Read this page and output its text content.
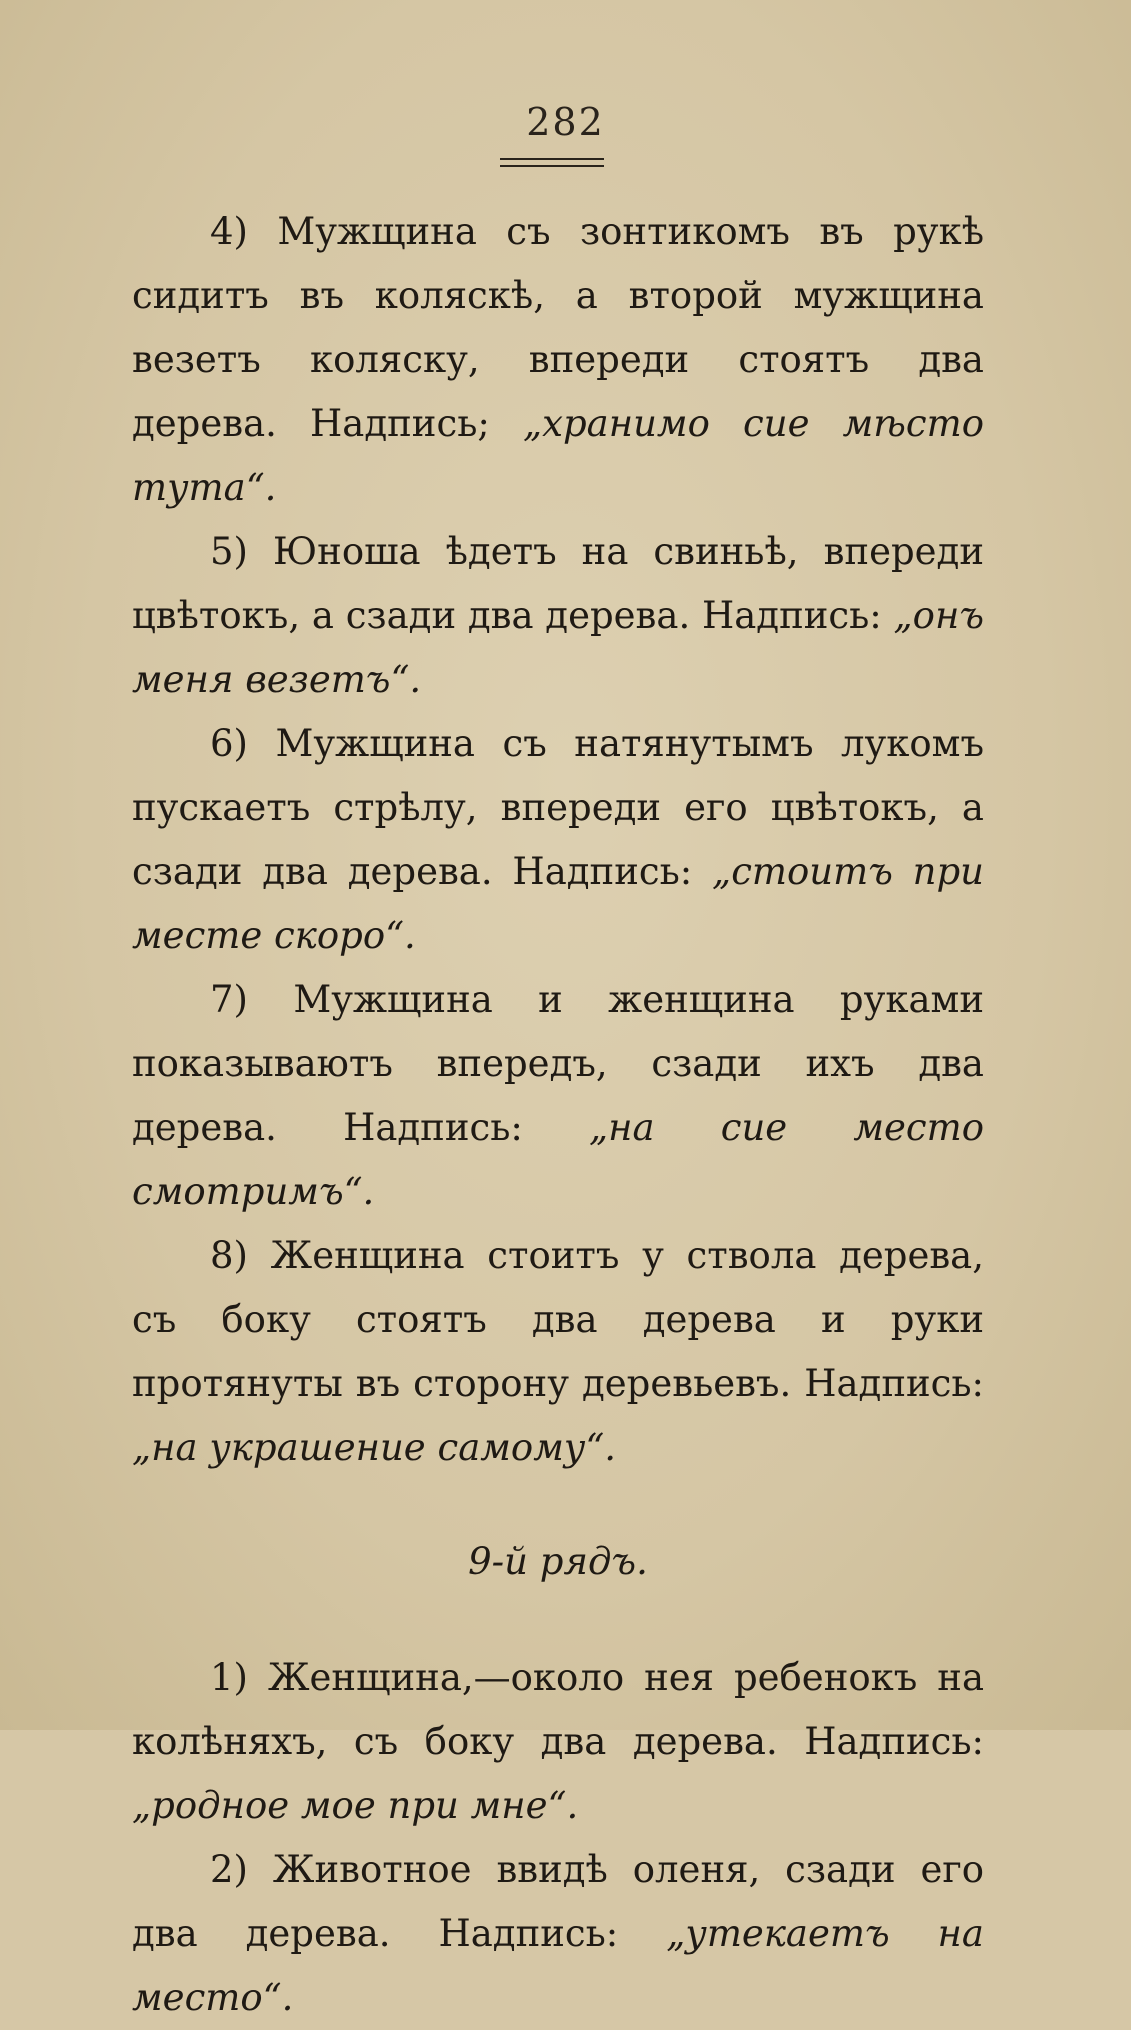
282

4) Мужщина съ зонтикомъ въ рукѣ сидитъ въ коляскѣ, а второй мужщина везетъ коляску, впереди стоятъ два дерева. Надпись; „хранимо сие мѣсто тута“.

5) Юноша ѣдетъ на свиньѣ, впереди цвѣтокъ, а сзади два дерева. Надпись: „онъ меня везетъ“.

6) Мужщина съ натянутымъ лукомъ пускаетъ стрѣлу, впереди его цвѣтокъ, а сзади два дерева. Надпись: „стоитъ при месте скоро“.

7) Мужщина и женщина руками показываютъ впередъ, сзади ихъ два дерева. Надпись: „на сие место смотримъ“.

8) Женщина стоитъ у ствола дерева, съ боку стоятъ два дерева и руки протянуты въ сторону деревьевъ. Надпись: „на украшение самому“.

9-й рядъ.

1) Женщина,—около нея ребенокъ на колѣняхъ, съ боку два дерева. Надпись: „родное мое при мне“.

2) Животное ввидѣ оленя, сзади его два дерева. Надпись: „утекаетъ на место“.
